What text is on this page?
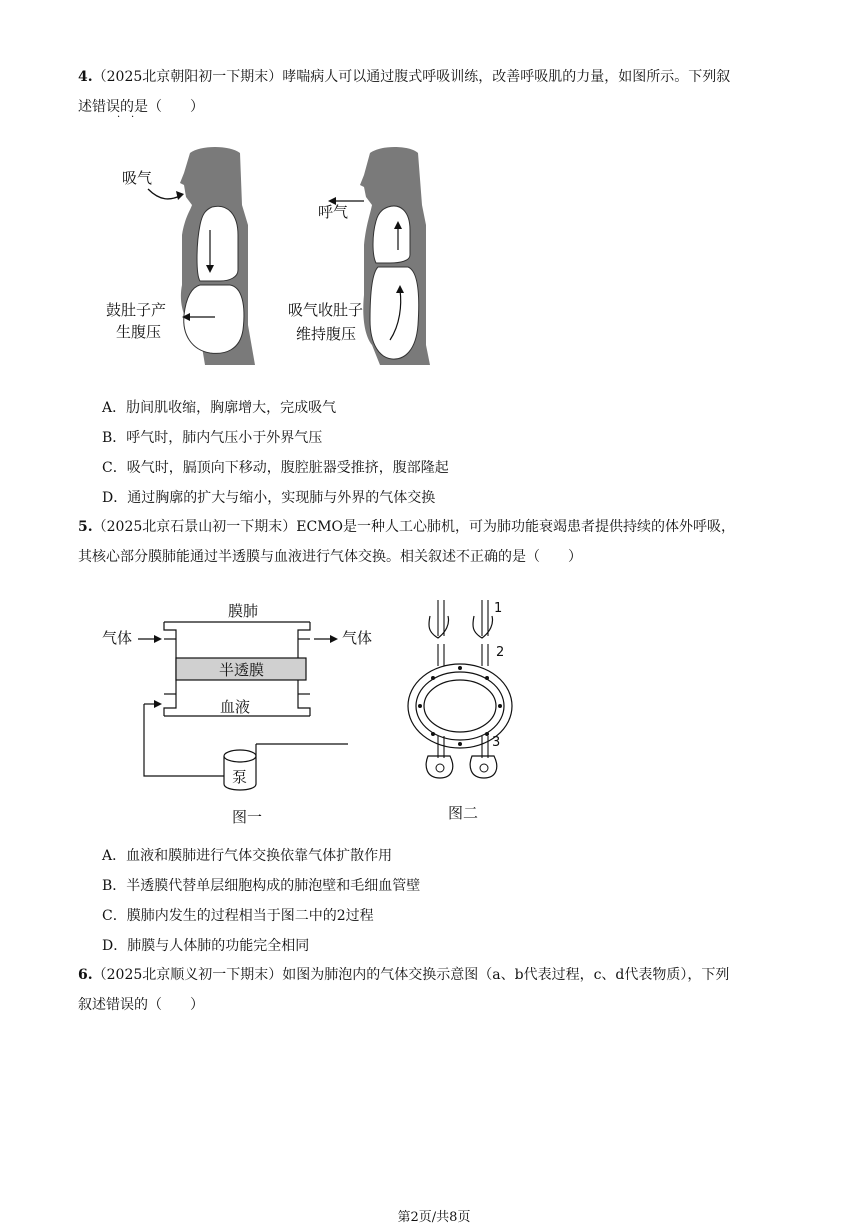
4.（2025北京朝阳初一下期末）哮喘病人可以通过腹式呼吸训练，改善呼吸肌的力量，如图所示。下列叙
述错误的是（　　）
· ·
吸气
鼓肚子产
生腹压
呼气
吸气收肚子
维持腹压
A．肋间肌收缩，胸廓增大，完成吸气
B．呼气时，肺内气压小于外界气压
C．吸气时，膈顶向下移动，腹腔脏器受推挤，腹部隆起
D．通过胸廓的扩大与缩小，实现肺与外界的气体交换
5.（2025北京石景山初一下期末）ECMO是一种人工心肺机，可为肺功能衰竭患者提供持续的体外呼吸，
其核心部分膜肺能通过半透膜与血液进行气体交换。相关叙述不正确的是（　　）
膜肺
半透膜
血液
气体	气体
泵
图一
1
2
3
图二
A．血液和膜肺进行气体交换依靠气体扩散作用
B．半透膜代替单层细胞构成的肺泡壁和毛细血管壁
C．膜肺内发生的过程相当于图二中的2过程
D．肺膜与人体肺的功能完全相同
6.（2025北京顺义初一下期末）如图为肺泡内的气体交换示意图（a、b代表过程，c、d代表物质），下列
叙述错误的（　　）
第2页/共8页
